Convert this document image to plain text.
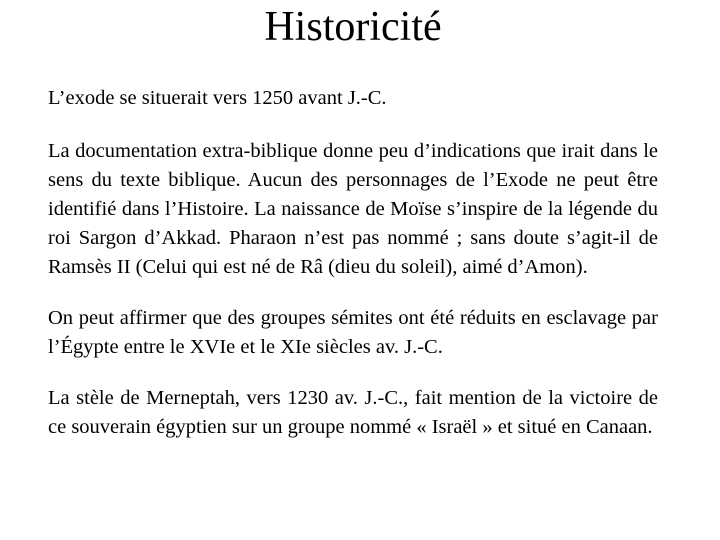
Historicité

L’exode se situerait vers 1250 avant J.-C.

La documentation extra-biblique donne peu d’indications que irait dans le sens du texte biblique. Aucun des personnages de l’Exode ne peut être identifié dans l’Histoire. La naissance de Moïse s’inspire de la légende du roi Sargon d’Akkad. Pharaon n’est pas nommé ; sans doute s’agit-il de Ramsès II (Celui qui est né de Râ (dieu du soleil), aimé d’Amon).

On peut affirmer que des groupes sémites ont été réduits en esclavage par l’Égypte entre le XVIe et le XIe siècles av. J.-C.

La stèle de Merneptah, vers 1230 av. J.-C., fait mention de la victoire de ce souverain égyptien sur un groupe nommé « Israël » et situé en Canaan.
